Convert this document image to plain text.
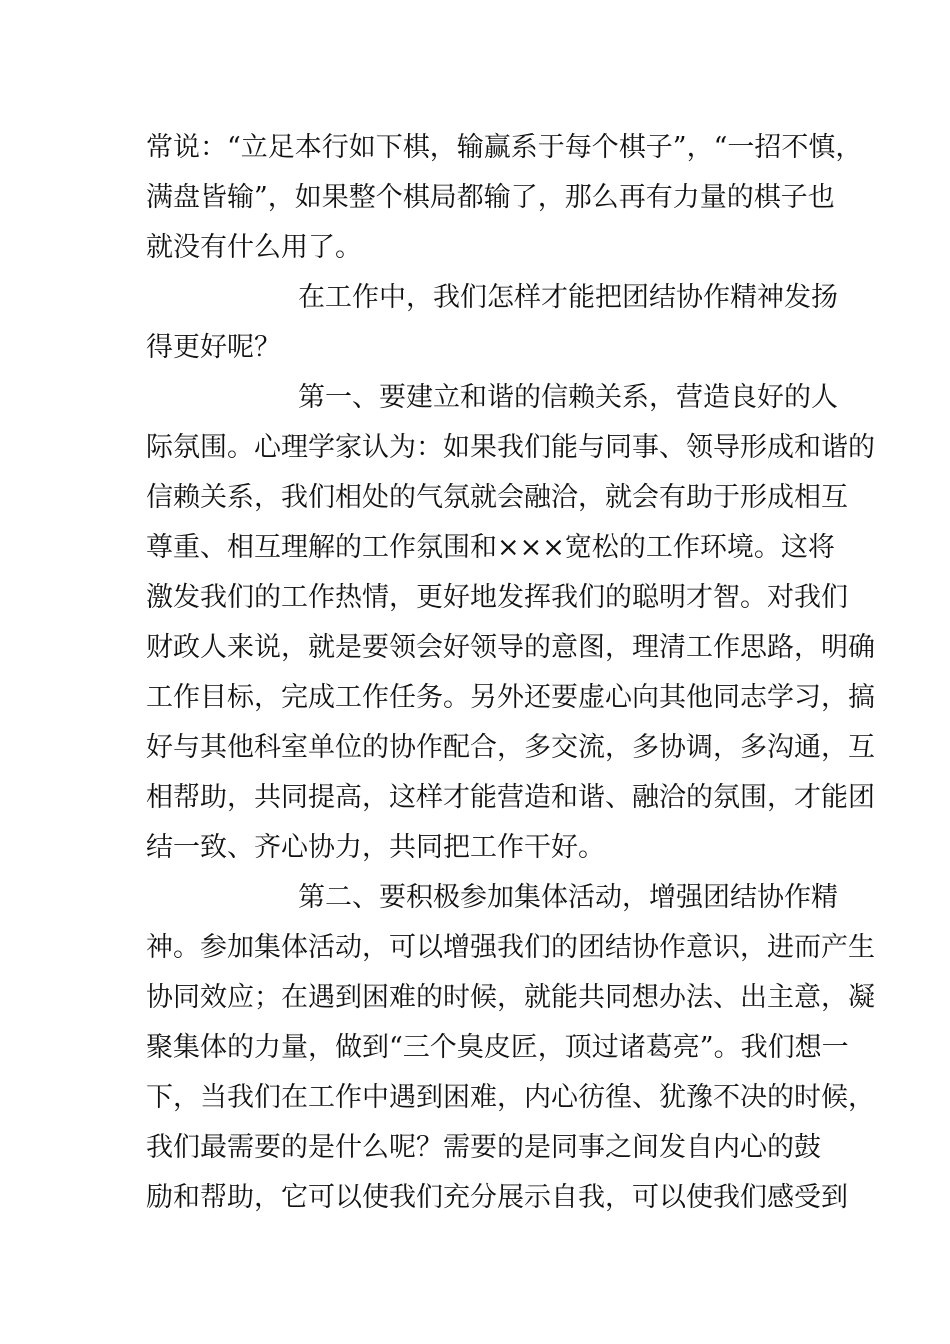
常说：“立足本行如下棋，输赢系于每个棋子”，“一招不慎，
满盘皆输”，如果整个棋局都输了，那么再有力量的棋子也
就没有什么用了。
在工作中，我们怎样才能把团结协作精神发扬
得更好呢？
第一、要建立和谐的信赖关系，营造良好的人
际氛围。心理学家认为：如果我们能与同事、领导形成和谐的
信赖关系，我们相处的气氛就会融洽，就会有助于形成相互
尊重、相互理解的工作氛围和×××宽松的工作环境。这将
激发我们的工作热情，更好地发挥我们的聪明才智。对我们
财政人来说，就是要领会好领导的意图，理清工作思路，明确
工作目标，完成工作任务。另外还要虚心向其他同志学习，搞
好与其他科室单位的协作配合，多交流，多协调，多沟通，互
相帮助，共同提高，这样才能营造和谐、融洽的氛围，才能团
结一致、齐心协力，共同把工作干好。
第二、要积极参加集体活动，增强团结协作精
神。参加集体活动，可以增强我们的团结协作意识，进而产生
协同效应；在遇到困难的时候，就能共同想办法、出主意，凝
聚集体的力量，做到“三个臭皮匠，顶过诸葛亮”。我们想一
下，当我们在工作中遇到困难，内心彷徨、犹豫不决的时候，
我们最需要的是什么呢？需要的是同事之间发自内心的鼓
励和帮助，它可以使我们充分展示自我，可以使我们感受到
